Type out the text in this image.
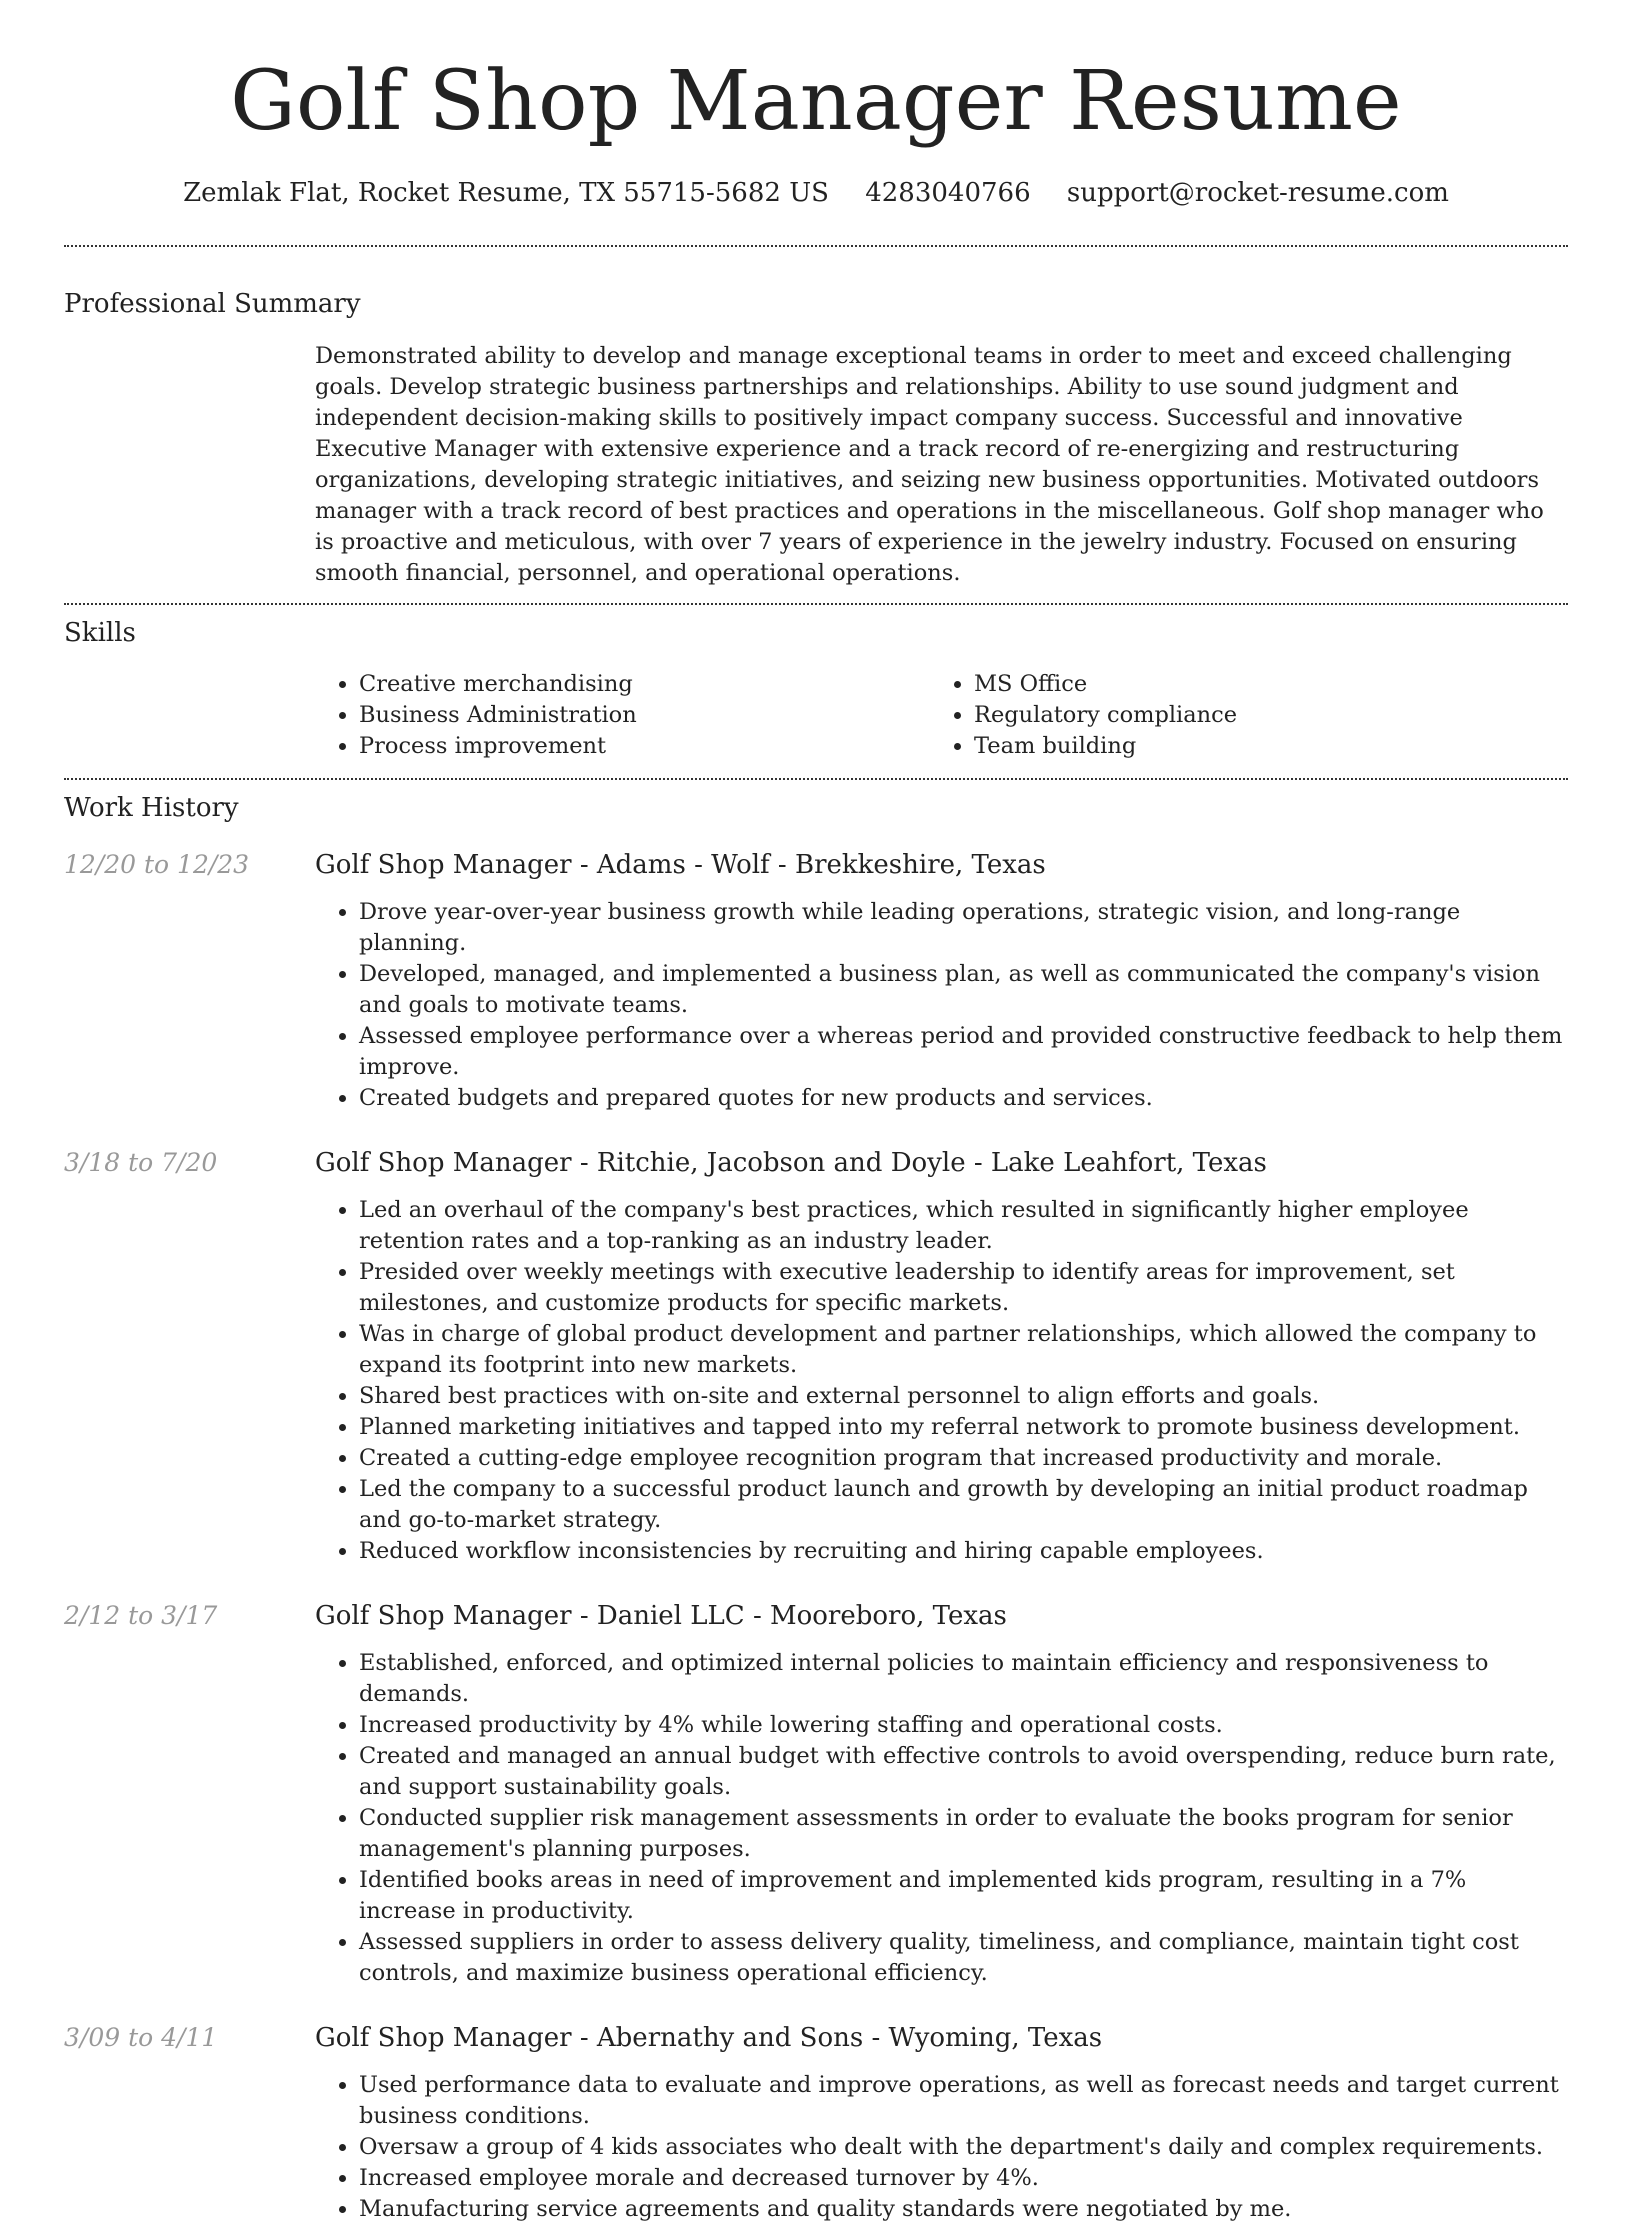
Golf Shop Manager Resume
Zemlak Flat, Rocket Resume, TX 55715-5682 US 4283040766 support@rocket-resume.com
Professional Summary
Demonstrated ability to develop and manage exceptional teams in order to meet and exceed challenging goals. Develop strategic business partnerships and relationships. Ability to use sound judgment and independent decision-making skills to positively impact company success. Successful and innovative Executive Manager with extensive experience and a track record of re-energizing and restructuring organizations, developing strategic initiatives, and seizing new business opportunities. Motivated outdoors manager with a track record of best practices and operations in the miscellaneous. Golf shop manager who is proactive and meticulous, with over 7 years of experience in the jewelry industry. Focused on ensuring smooth financial, personnel, and operational operations.
Skills
• Creative merchandising
• Business Administration
• Process improvement
• MS Office
• Regulatory compliance
• Team building
Work History
12/20 to 12/23	Golf Shop Manager - Adams - Wolf - Brekkeshire, Texas
• Drove year-over-year business growth while leading operations, strategic vision, and long-range planning.
• Developed, managed, and implemented a business plan, as well as communicated the company's vision and goals to motivate teams.
• Assessed employee performance over a whereas period and provided constructive feedback to help them improve.
• Created budgets and prepared quotes for new products and services.
3/18 to 7/20	Golf Shop Manager - Ritchie, Jacobson and Doyle - Lake Leahfort, Texas
• Led an overhaul of the company's best practices, which resulted in significantly higher employee retention rates and a top-ranking as an industry leader.
• Presided over weekly meetings with executive leadership to identify areas for improvement, set milestones, and customize products for specific markets.
• Was in charge of global product development and partner relationships, which allowed the company to expand its footprint into new markets.
• Shared best practices with on-site and external personnel to align efforts and goals.
• Planned marketing initiatives and tapped into my referral network to promote business development.
• Created a cutting-edge employee recognition program that increased productivity and morale.
• Led the company to a successful product launch and growth by developing an initial product roadmap and go-to-market strategy.
• Reduced workflow inconsistencies by recruiting and hiring capable employees.
2/12 to 3/17	Golf Shop Manager - Daniel LLC - Mooreboro, Texas
• Established, enforced, and optimized internal policies to maintain efficiency and responsiveness to demands.
• Increased productivity by 4% while lowering staffing and operational costs.
• Created and managed an annual budget with effective controls to avoid overspending, reduce burn rate, and support sustainability goals.
• Conducted supplier risk management assessments in order to evaluate the books program for senior management's planning purposes.
• Identified books areas in need of improvement and implemented kids program, resulting in a 7% increase in productivity.
• Assessed suppliers in order to assess delivery quality, timeliness, and compliance, maintain tight cost controls, and maximize business operational efficiency.
3/09 to 4/11	Golf Shop Manager - Abernathy and Sons - Wyoming, Texas
• Used performance data to evaluate and improve operations, as well as forecast needs and target current business conditions.
• Oversaw a group of 4 kids associates who dealt with the department's daily and complex requirements.
• Increased employee morale and decreased turnover by 4%.
• Manufacturing service agreements and quality standards were negotiated by me.
